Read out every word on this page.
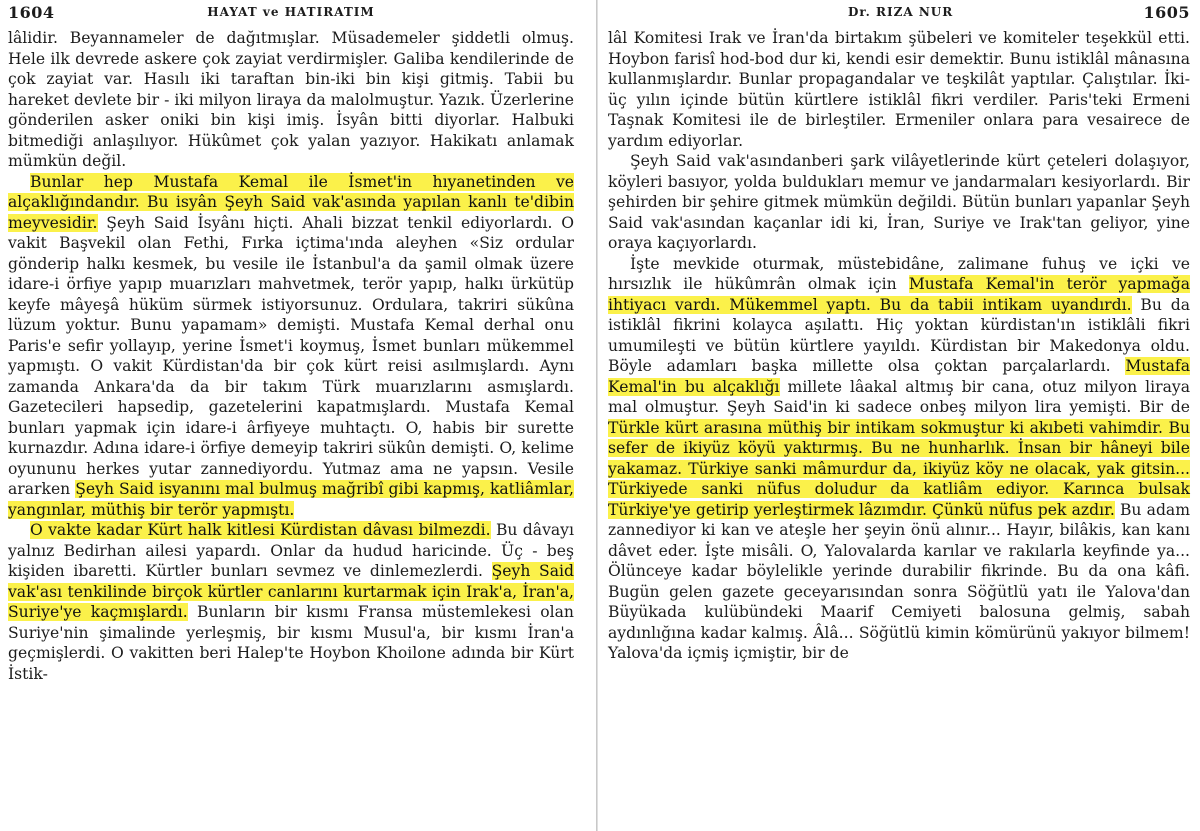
1604	HAYAT ve HATIRATIM

lâlidir. Beyannameler de dağıtmışlar. Müsademeler şiddetli olmuş. Hele ilk devrede askere çok zayiat verdirmişler. Galiba kendilerinde de çok zayiat var. Hasılı iki taraftan bin-iki bin kişi gitmiş. Tabii bu hareket devlete bir - iki milyon liraya da malolmuştur. Yazık. Üzerlerine gönderilen asker oniki bin kişi imiş. İsyân bitti diyorlar. Halbuki bitmediği anlaşılıyor. Hükûmet çok yalan yazıyor. Hakikatı anlamak mümkün değil.

Bunlar hep Mustafa Kemal ile İsmet'in hıyanetinden ve alçaklığındandır. Bu isyân Şeyh Said vak'asında yapılan kanlı te'dibin meyvesidir. Şeyh Said İsyânı hiçti. Ahali bizzat tenkil ediyorlardı. O vakit Başvekil olan Fethi, Fırka içtima'ında aleyhen «Siz ordular gönderip halkı kesmek, bu vesile ile İstanbul'a da şamil olmak üzere idare-i örfiye yapıp muarızları mahvetmek, terör yapıp, halkı ürkütüp keyfe mâyeşâ hüküm sürmek istiyorsunuz. Ordulara, takriri sükûna lüzum yoktur. Bunu yapamam» demişti. Mustafa Kemal derhal onu Paris'e sefir yollayıp, yerine İsmet'i koymuş, İsmet bunları mükemmel yapmıştı. O vakit Kürdistan'da bir çok kürt reisi asılmışlardı. Aynı zamanda Ankara'da da bir takım Türk muarızlarını asmışlardı. Gazetecileri hapsedip, gazetelerini kapatmışlardı. Mustafa Kemal bunları yapmak için idare-i ârfiyeye muhtaçtı. O, habis bir surette kurnazdır. Adına idare-i örfiye demeyip takriri sükûn demişti. O, kelime oyununu herkes yutar zannediyordu. Yutmaz ama ne yapsın. Vesile ararken Şeyh Said isyanını mal bulmuş mağribî gibi kapmış, katliâmlar, yangınlar, müthiş bir terör yapmıştı.

O vakte kadar Kürt halk kitlesi Kürdistan dâvası bilmezdi. Bu dâvayı yalnız Bedirhan ailesi yapardı. Onlar da hudud haricinde. Üç - beş kişiden ibaretti. Kürtler bunları sevmez ve dinlemezlerdi. Şeyh Said vak'ası tenkilinde birçok kürtler canlarını kurtarmak için Irak'a, İran'a, Suriye'ye kaçmışlardı. Bunların bir kısmı Fransa müstemlekesi olan Suriye'nin şimalinde yerleşmiş, bir kısmı Musul'a, bir kısmı İran'a geçmişlerdi. O vakitten beri Halep'te Hoybon Khoilone adında bir Kürt İstik-

Dr. RIZA NUR	1605

lâl Komitesi Irak ve İran'da birtakım şübeleri ve komiteler teşekkül etti. Hoybon farisî hod-bod dur ki, kendi esir demektir. Bunu istiklâl mânasına kullanmışlardır. Bunlar propagandalar ve teşkilât yaptılar. Çalıştılar. İki-üç yılın içinde bütün kürtlere istiklâl fikri verdiler. Paris'teki Ermeni Taşnak Komitesi ile de birleştiler. Ermeniler onlara para vesairece de yardım ediyorlar.

Şeyh Said vak'asındanberi şark vilâyetlerinde kürt çeteleri dolaşıyor, köyleri basıyor, yolda buldukları memur ve jandarmaları kesiyorlardı. Bir şehirden bir şehire gitmek mümkün değildi. Bütün bunları yapanlar Şeyh Said vak'asından kaçanlar idi ki, İran, Suriye ve Irak'tan geliyor, yine oraya kaçıyorlardı.

İşte mevkide oturmak, müstebidâne, zalimane fuhuş ve içki ve hırsızlık ile hükûmrân olmak için Mustafa Kemal'in terör yapmağa ihtiyacı vardı. Mükemmel yaptı. Bu da tabii intikam uyandırdı. Bu da istiklâl fikrini kolayca aşılattı. Hiç yoktan kürdistan'ın istiklâli fikri umumileşti ve bütün kürtlere yayıldı. Kürdistan bir Makedonya oldu. Böyle adamları başka millette olsa çoktan parçalarlardı. Mustafa Kemal'in bu alçaklığı millete lâakal altmış bir cana, otuz milyon liraya mal olmuştur. Şeyh Said'in ki sadece onbeş milyon lira yemişti. Bir de Türkle kürt arasına müthiş bir intikam sokmuştur ki akıbeti vahimdir. Bu sefer de ikiyüz köyü yaktırmış. Bu ne hunharlık. İnsan bir hâneyi bile yakamaz. Türkiye sanki mâmurdur da, ikiyüz köy ne olacak, yak gitsin... Türkiyede sanki nüfus doludur da katliâm ediyor. Karınca bulsak Türkiye'ye getirip yerleştirmek lâzımdır. Çünkü nüfus pek azdır. Bu adam zannediyor ki kan ve ateşle her şeyin önü alınır... Hayır, bilâkis, kan kanı dâvet eder. İşte misâli. O, Yalovalarda karılar ve rakılarla keyfinde ya... Ölünceye kadar böylelikle yerinde durabilir fikrinde. Bu da ona kâfi. Bugün gelen gazete geceyarısından sonra Söğütlü yatı ile Yalova'dan Büyükada kulübündeki Maarif Cemiyeti balosuna gelmiş, sabah aydınlığına kadar kalmış. Âlâ... Söğütlü kimin kömürünü yakıyor bilmem! Yalova'da içmiş içmiştir, bir de
